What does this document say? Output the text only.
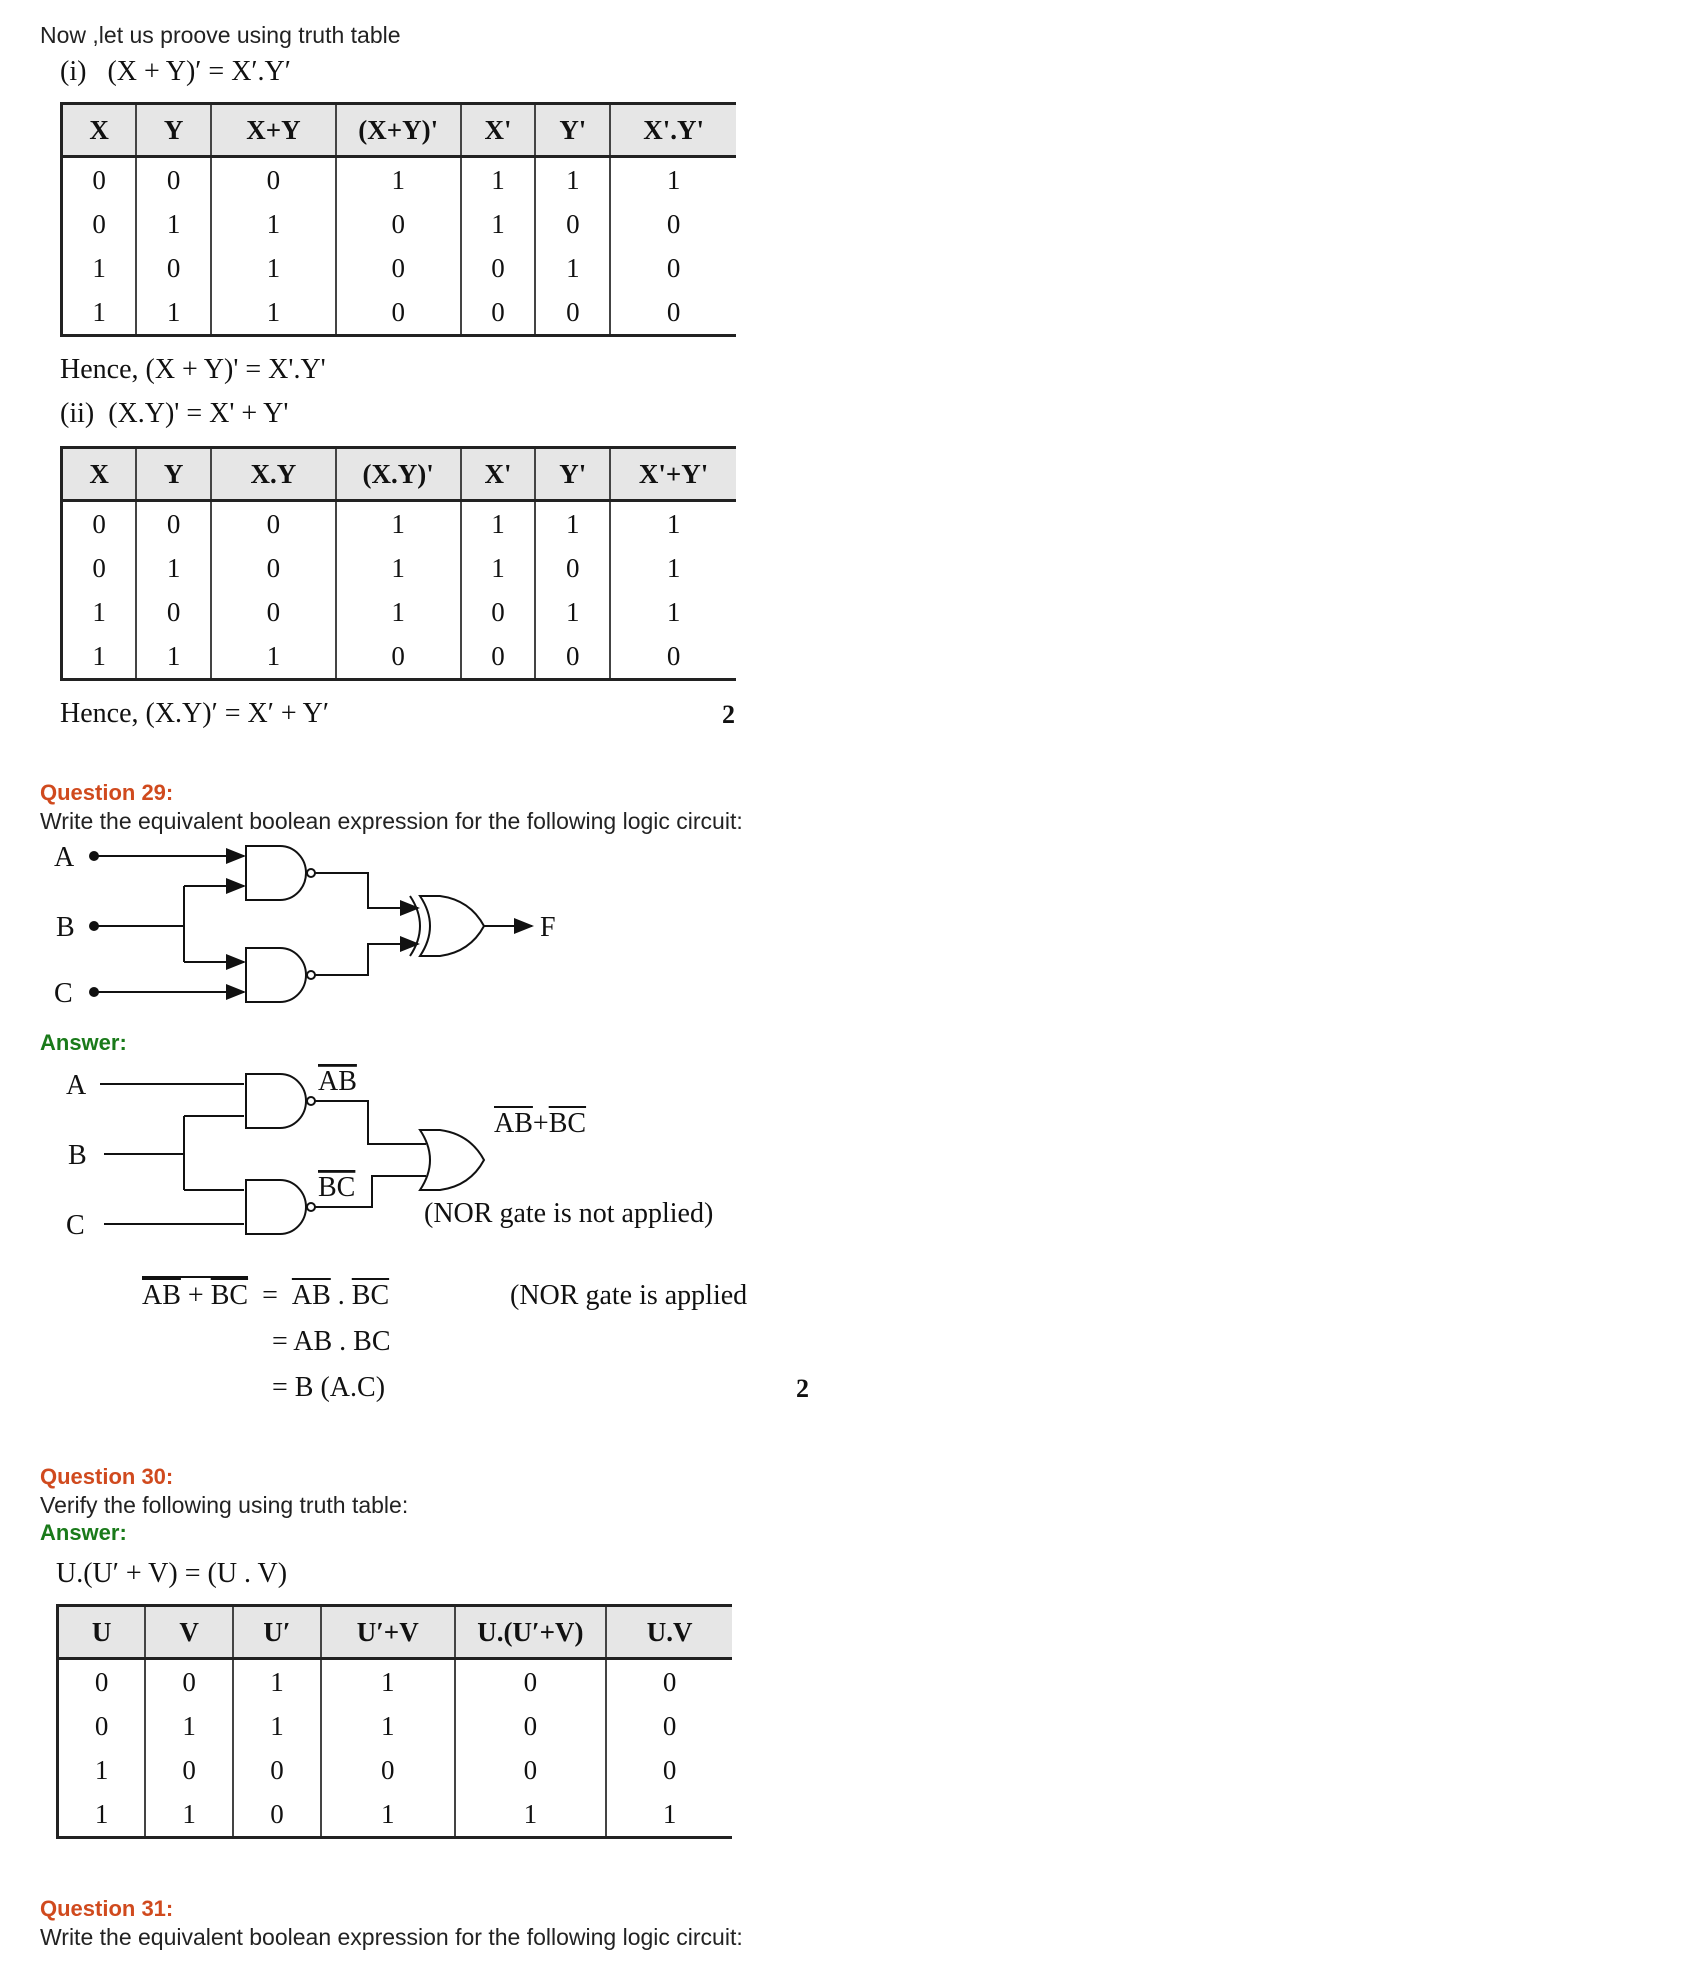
Now ,let us proove using truth table
(i) (X + Y)′ = X′.Y′
X	Y	X+Y	(X+Y)'	X'	Y'	X'.Y'
0	0	0	1	1	1	1
0	1	1	0	1	0	0
1	0	1	0	0	1	0
1	1	1	0	0	0	0
Hence, (X + Y)' = X'.Y'
(ii) (X.Y)' = X' + Y'
X	Y	X.Y	(X.Y)'	X'	Y'	X'+Y'
0	0	0	1	1	1	1
0	1	0	1	1	0	1
1	0	0	1	0	1	1
1	1	1	0	0	0	0
Hence, (X.Y)′ = X′ + Y′	2
Question 29:
Write the equivalent boolean expression for the following logic circuit:
A
B
C
F
Answer:
A
B
C
AB
BC
$\overline{AB}+\overline{BC}$
(NOR gate is not applied)
$\overline{AB} + \overline{BC} = \overline{AB}$ . $\overline{BC}$	(NOR gate is applied
= AB . BC
= B (A.C)	2
Question 30:
Verify the following using truth table:
Answer:
U.(U′ + V) = (U . V)
U	V	U′	U′+V	U.(U′+V)	U.V
0	0	1	1	0	0
0	1	1	1	0	0
1	0	0	0	0	0
1	1	0	1	1	1
Question 31:
Write the equivalent boolean expression for the following logic circuit:
